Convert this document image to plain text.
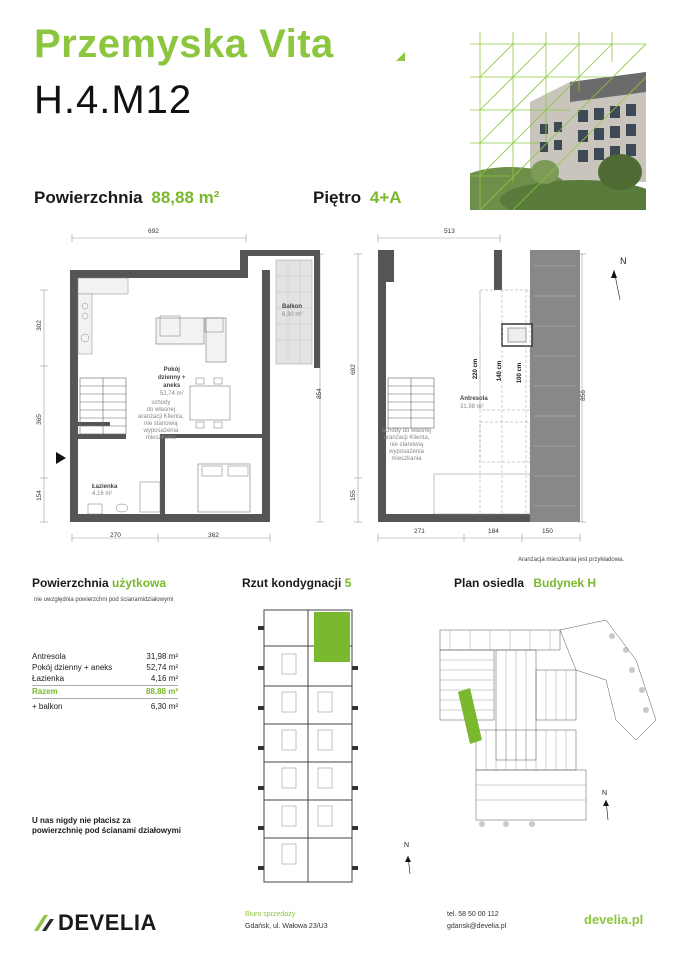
Przemyska Vita
H.4.M12
Powierzchnia 88,88 m²	Piętro 4+A
692
302
365
154
854
270	362
Balkon
6,30 m²
Pokój
dzienny +
aneks
52,74 m²
schody
do własnej
aranżacji Klienta,
nie stanowią
wyposażenia
mieszkania
Łazienka
4,16 m²
513
692
155
856
271	184	150
220 cm	140 cm 100 cm
Antresola
31,98 m²
schody do własnej
aranżacji Klienta,
nie stanowią
wyposażenia
mieszkania
N
Aranżacja mieszkania jest przykładowa.
Powierzchnia użytkowa
nie uwzględnia powierzchni pod ścianamidziałowymi
Antresola	31,98 m²
Pokój dzienny + aneks	52,74 m²
Łazienka	4,16 m²
Razem	88,88 m²
+ balkon	6,30 m²
U nas nigdy nie płacisz za
powierzchnię pod ścianami działowymi
Rzut kondygnacji 5
N
Plan osiedla Budynek H
N
DEVELIA	Biuro sprzedaży
Gdańsk, ul. Wałowa 23/U3
tel. 58 50 00 112
gdansk@develia.pl	develia.pl
